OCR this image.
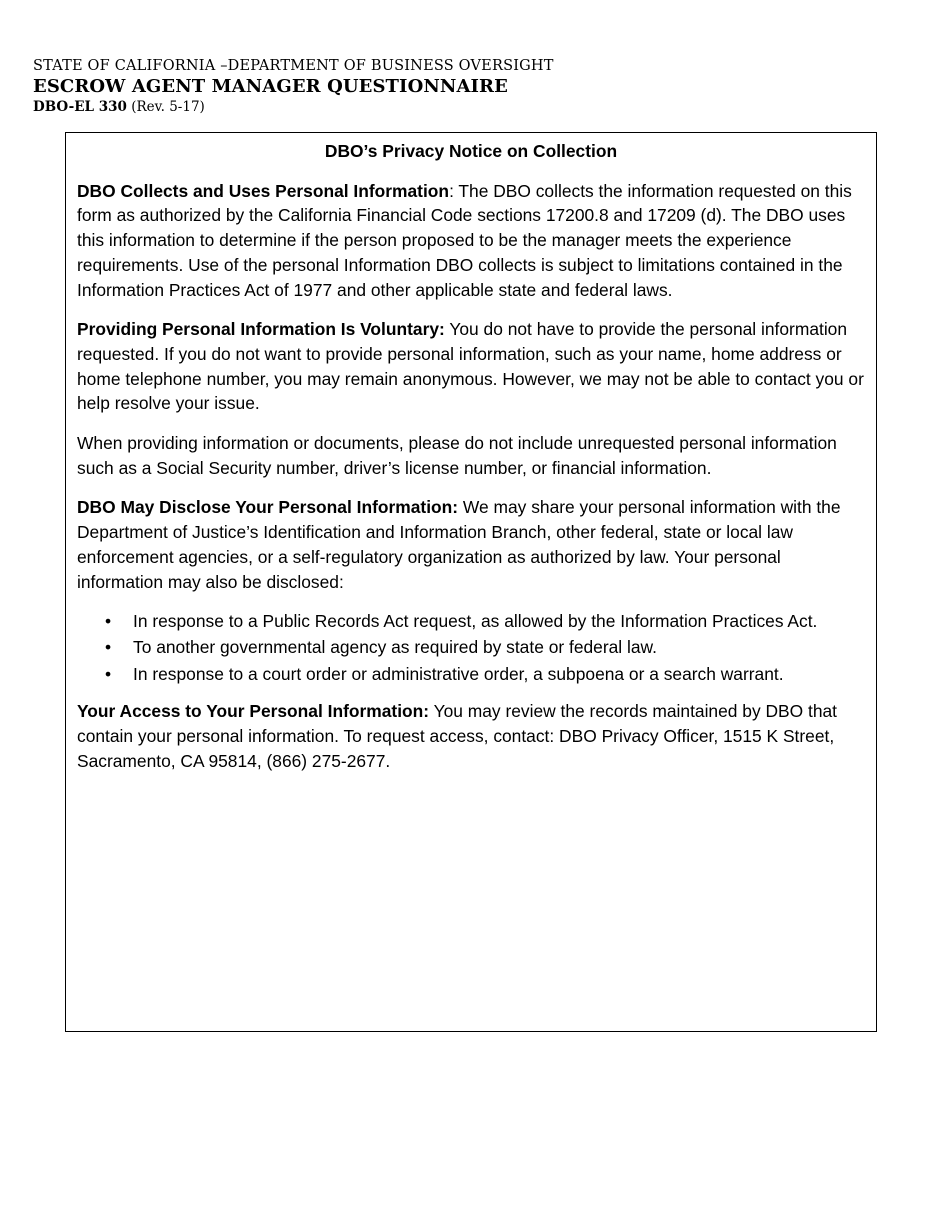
STATE OF CALIFORNIA –DEPARTMENT OF BUSINESS OVERSIGHT
ESCROW AGENT MANAGER QUESTIONNAIRE
DBO-EL 330 (Rev. 5-17)
DBO’s Privacy Notice on Collection

DBO Collects and Uses Personal Information: The DBO collects the information requested on this form as authorized by the California Financial Code sections 17200.8 and 17209 (d). The DBO uses this information to determine if the person proposed to be the manager meets the experience requirements. Use of the personal Information DBO collects is subject to limitations contained in the Information Practices Act of 1977 and other applicable state and federal laws.

Providing Personal Information Is Voluntary: You do not have to provide the personal information requested. If you do not want to provide personal information, such as your name, home address or home telephone number, you may remain anonymous. However, we may not be able to contact you or help resolve your issue.

When providing information or documents, please do not include unrequested personal information such as a Social Security number, driver’s license number, or financial information.

DBO May Disclose Your Personal Information: We may share your personal information with the Department of Justice’s Identification and Information Branch, other federal, state or local law enforcement agencies, or a self-regulatory organization as authorized by law. Your personal information may also be disclosed:

• In response to a Public Records Act request, as allowed by the Information Practices Act.
• To another governmental agency as required by state or federal law.
• In response to a court order or administrative order, a subpoena or a search warrant.

Your Access to Your Personal Information: You may review the records maintained by DBO that contain your personal information. To request access, contact: DBO Privacy Officer, 1515 K Street, Sacramento, CA 95814, (866) 275-2677.
